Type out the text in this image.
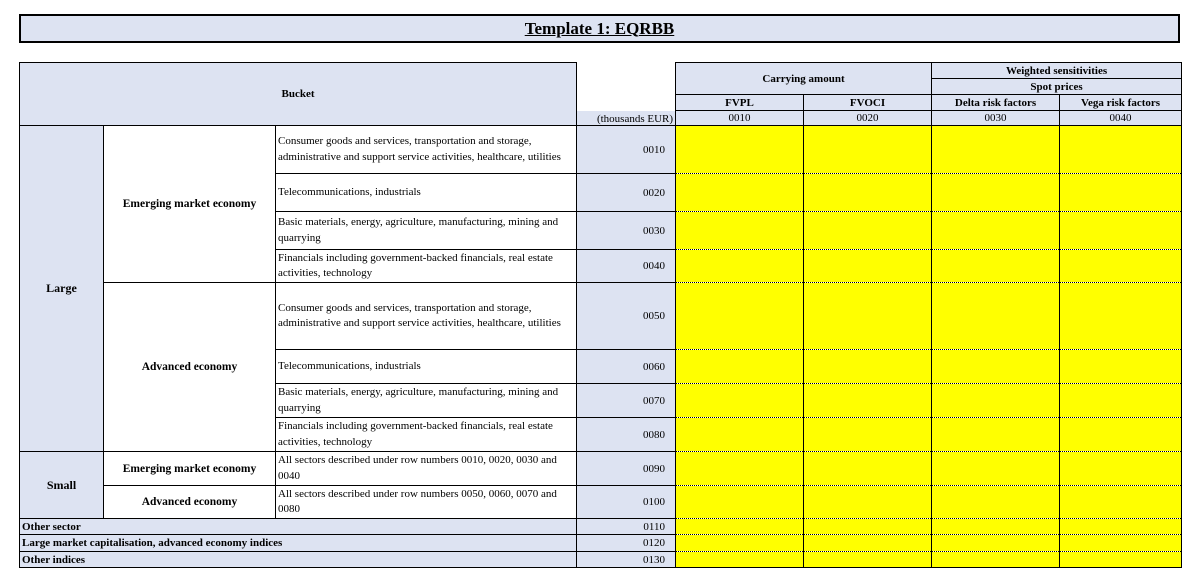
Template 1: EQRBB
Bucket				Carrying amount		Weighted sensitivities	
						Spot prices	
				FVPL	FVOCI	Delta risk factors	Vega risk factors
			(thousands EUR)	0010	0020	0030	0040
Large	Emerging market economy	Consumer goods and services, transportation and storage, administrative and support service activities, healthcare, utilities	0010				
		Telecommunications, industrials	0020				
		Basic materials, energy, agriculture, manufacturing, mining and quarrying	0030				
		Financials including government-backed financials, real estate activities, technology	0040				
	Advanced economy	Consumer goods and services, transportation and storage, administrative and support service activities, healthcare, utilities	0050				
		Telecommunications, industrials	0060				
		Basic materials, energy, agriculture, manufacturing, mining and quarrying	0070				
		Financials including government-backed financials, real estate activities, technology	0080				
Small	Emerging market economy	All sectors described under row numbers 0010, 0020, 0030 and 0040	0090				
	Advanced economy	All sectors described under row numbers 0050, 0060, 0070 and 0080	0100				
Other sector			0110				
Large market capitalisation, advanced economy indices			0120				
Other indices			0130				
